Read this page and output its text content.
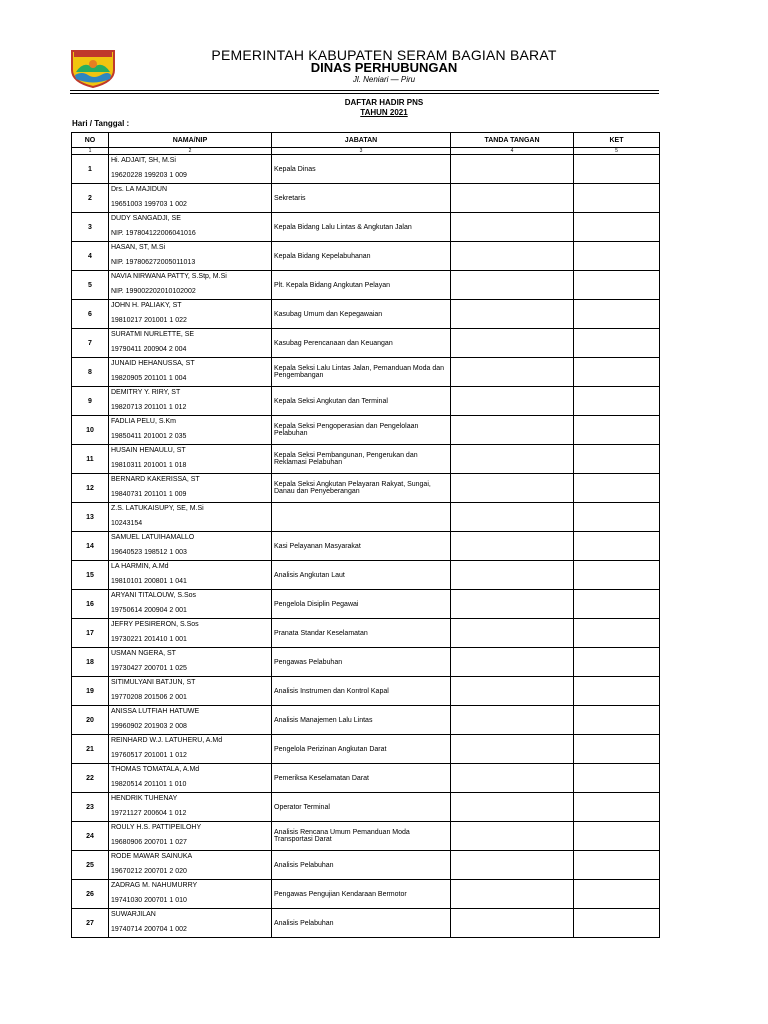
PEMERINTAH KABUPATEN SERAM BAGIAN BARAT
DINAS PERHUBUNGAN
Jl. Neniari — Piru
DAFTAR HADIR PNS
TAHUN 2021
Hari / Tanggal :
NO	NAMA/NIP	JABATAN	TANDA TANGAN	KET
1	2	3	4	5
1	Hi. ADJAIT, SH, M.Si
19620228 199203 1 009	Kepala Dinas		
2	Drs. LA MAJIDUN
19651003 199703 1 002	Sekretaris		
3	DUDY SANGADJI, SE
NIP. 197804122006041016	Kepala Bidang Lalu Lintas & Angkutan Jalan		
4	HASAN, ST, M.Si
NIP. 197806272005011013	Kepala Bidang Kepelabuhanan		
5	NAVIA NIRWANA PATTY, S.Stp, M.Si
NIP. 199002202010102002	Plt. Kepala Bidang Angkutan Pelayan		
6	JOHN H. PALIAKY, ST
19810217 201001 1 022	Kasubag Umum dan Kepegawaian		
7	SURATMI NURLETTE, SE
19790411 200904 2 004	Kasubag Perencanaan dan Keuangan		
8	JUNAID HEHANUSSA, ST
19820905 201101 1 004	Kepala Seksi Lalu Lintas Jalan, Pemanduan Moda dan Pengembangan		
9	DEMITRY Y. RIRY, ST
19820713 201101 1 012	Kepala Seksi Angkutan dan Terminal		
10	FADLIA PELU, S.Km
19850411 201001 2 035	Kepala Seksi Pengoperasian dan Pengelolaan Pelabuhan		
11	HUSAIN HENAULU, ST
19810311 201001 1 018	Kepala Seksi Pembangunan, Pengerukan dan Reklamasi Pelabuhan		
12	BERNARD KAKERISSA, ST
19840731 201101 1 009	Kepala Seksi Angkutan Pelayaran Rakyat, Sungai, Danau dan Penyeberangan		
13	Z.S. LATUKAISUPY, SE, M.Si
10243154			

14	SAMUEL LATUIHAMALLO
19640523 198512 1 003	Kasi Pelayanan Masyarakat		
15	LA HARMIN, A.Md
19810101 200801 1 041	Analisis Angkutan Laut		
16	ARYANI TITALOUW, S.Sos
19750614 200904 2 001	Pengelola Disiplin Pegawai		
17	JEFRY PESIRERON, S.Sos
19730221 201410 1 001	Pranata Standar Keselamatan		
18	USMAN NGERA, ST
19730427 200701 1 025	Pengawas Pelabuhan		
19	SITIMULYANI BATJUN, ST
19770208 201506 2 001	Analisis Instrumen dan Kontrol Kapal		
20	ANISSA LUTFIAH HATUWE
19960902 201903 2 008	Analisis Manajemen Lalu Lintas		
21	REINHARD W.J. LATUHERU, A.Md
19760517 201001 1 012	Pengelola Perizinan Angkutan Darat		
22	THOMAS TOMATALA, A.Md
19820514 201101 1 010	Pemeriksa Keselamatan Darat		
23	HENDRIK TUHENAY
19721127 200604 1 012	Operator Terminal		
24	ROULY H.S. PATTIPEILOHY
19680906 200701 1 027	Analisis Rencana Umum Pemanduan Moda Transportasi Darat		
25	RODE MAWAR SAINUKA
19670212 200701 2 020	Analisis Pelabuhan		
26	ZADRAG M. NAHUMURRY
19741030 200701 1 010	Pengawas Pengujian Kendaraan Bermotor		
27	SUWARJILAN
19740714 200704 1 002	Analisis Pelabuhan		
